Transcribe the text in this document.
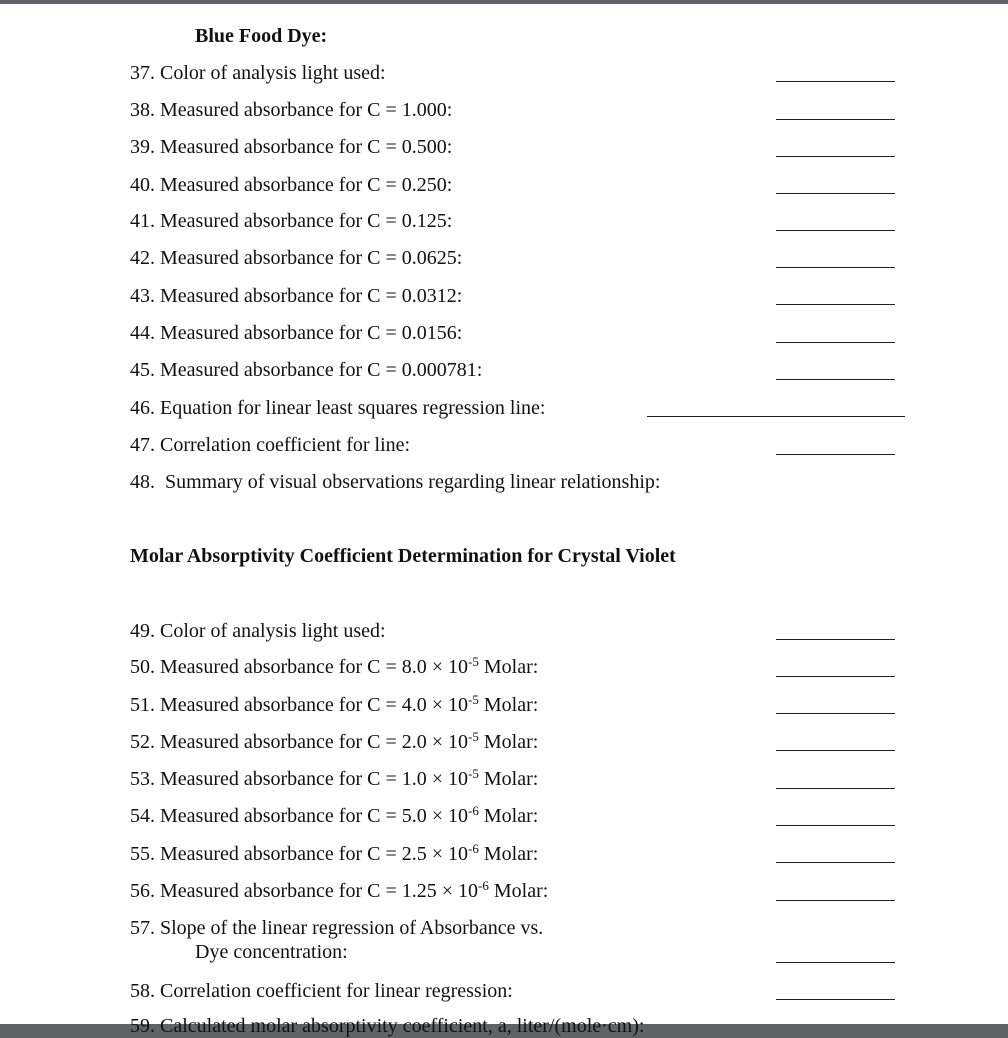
Blue Food Dye:
37. Color of analysis light used:
38. Measured absorbance for C = 1.000:
39. Measured absorbance for C = 0.500:
40. Measured absorbance for C = 0.250:
41. Measured absorbance for C = 0.125:
42. Measured absorbance for C = 0.0625:
43. Measured absorbance for C = 0.0312:
44. Measured absorbance for C = 0.0156:
45. Measured absorbance for C = 0.000781:
46. Equation for linear least squares regression line:
47. Correlation coefficient for line:
48.  Summary of visual observations regarding linear relationship:
Molar Absorptivity Coefficient Determination for Crystal Violet
49. Color of analysis light used:
50. Measured absorbance for $C = 8.0 \times 10^{-5}$ Molar:
51. Measured absorbance for $C = 4.0 \times 10^{-5}$ Molar:
52. Measured absorbance for $C = 2.0 \times 10^{-5}$ Molar:
53. Measured absorbance for $C = 1.0 \times 10^{-5}$ Molar:
54. Measured absorbance for $C = 5.0 \times 10^{-6}$ Molar:
55. Measured absorbance for $C = 2.5 \times 10^{-6}$ Molar:
56. Measured absorbance for $C = 1.25 \times 10^{-6}$ Molar:
57. Slope of the linear regression of Absorbance vs.
Dye concentration:
58. Correlation coefficient for linear regression:
59. Calculated molar absorptivity coefficient, a, liter/(mole·cm):
